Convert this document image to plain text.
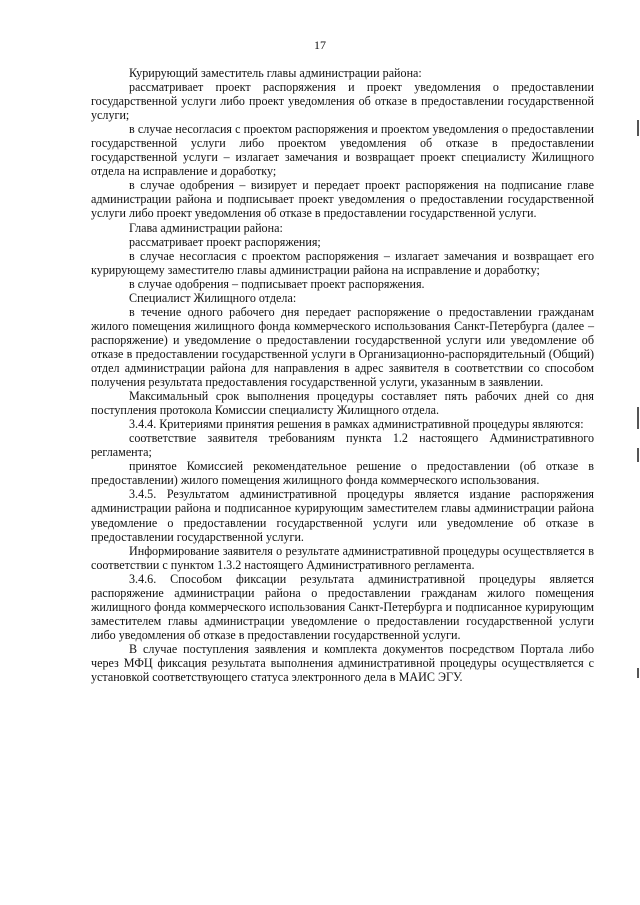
17

Курирующий заместитель главы администрации района:

рассматривает проект распоряжения и проект уведомления о предоставлении государственной услуги либо проект уведомления об отказе в предоставлении государственной услуги;

в случае несогласия с проектом распоряжения и проектом уведомления о предоставлении государственной услуги либо проектом уведомления об отказе в предоставлении государственной услуги – излагает замечания и возвращает проект специалисту Жилищного отдела на исправление и доработку;

в случае одобрения – визирует и передает проект распоряжения на подписание главе администрации района и подписывает проект уведомления о предоставлении государственной услуги либо проект уведомления об отказе в предоставлении государственной услуги.

Глава администрации района:

рассматривает проект распоряжения;

в случае несогласия с проектом распоряжения – излагает замечания и возвращает его курирующему заместителю главы администрации района на исправление и доработку;

в случае одобрения – подписывает проект распоряжения.

Специалист Жилищного отдела:

в течение одного рабочего дня передает распоряжение о предоставлении гражданам жилого помещения жилищного фонда коммерческого использования Санкт-Петербурга (далее – распоряжение) и уведомление о предоставлении государственной услуги или уведомление об отказе в предоставлении государственной услуги в Организационно-распорядительный (Общий) отдел администрации района для направления в адрес заявителя в соответствии со способом получения результата предоставления государственной услуги, указанным в заявлении.

Максимальный срок выполнения процедуры составляет пять рабочих дней со дня поступления протокола Комиссии специалисту Жилищного отдела.

3.4.4. Критериями принятия решения в рамках административной процедуры являются:

соответствие заявителя требованиям пункта 1.2 настоящего Административного регламента;

принятое Комиссией рекомендательное решение о предоставлении (об отказе в предоставлении) жилого помещения жилищного фонда коммерческого использования.

3.4.5. Результатом административной процедуры является издание распоряжения администрации района и подписанное курирующим заместителем главы администрации района уведомление о предоставлении государственной услуги или уведомление об отказе в предоставлении государственной услуги.

Информирование заявителя о результате административной процедуры осуществляется в соответствии с пунктом 1.3.2 настоящего Административного регламента.

3.4.6. Способом фиксации результата административной процедуры является распоряжение администрации района о предоставлении гражданам жилого помещения жилищного фонда коммерческого использования Санкт-Петербурга и подписанное курирующим заместителем главы администрации уведомление о предоставлении государственной услуги либо уведомления об отказе в предоставлении государственной услуги.

В случае поступления заявления и комплекта документов посредством Портала либо через МФЦ фиксация результата выполнения административной процедуры осуществляется с установкой соответствующего статуса электронного дела в МАИС ЭГУ.
